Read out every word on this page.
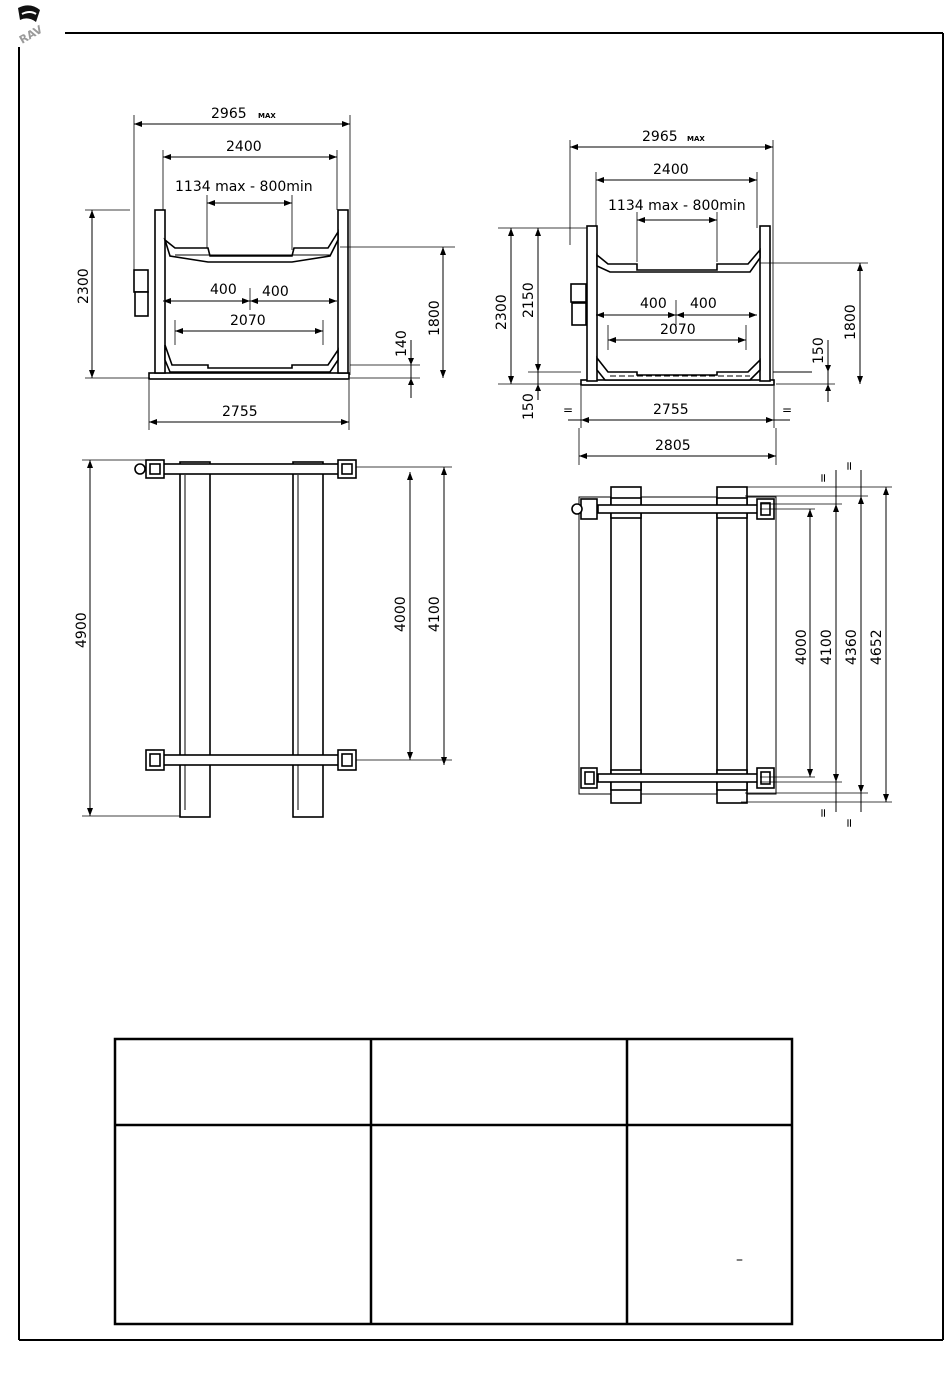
RAV
2965 MAX
2400
1134 max - 800min
2300	400 400
2070	1800
140
2755
2965 MAX
2400
1134 max - 800min
2300 2150
150
400 400
2070	1800
150
2755
=	=
2805
4900	4000 4100
4000 4100 4360 4652
=
=
=
=
–
